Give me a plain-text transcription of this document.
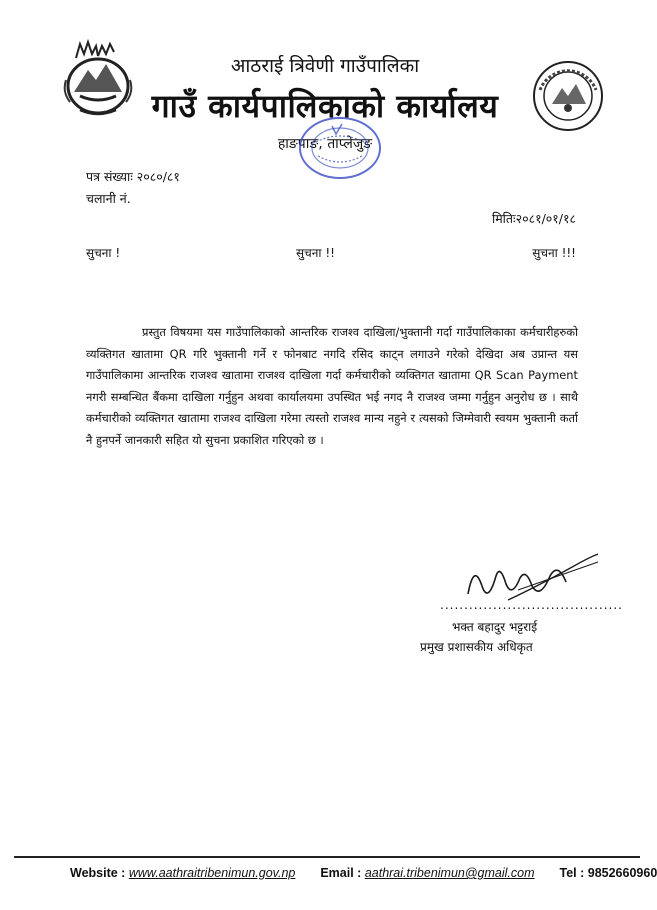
आठराई त्रिवेणी गाउँपालिका
गाउँ कार्यपालिकाको कार्यालय
हाङपाङ, ताप्लेजुङ
पत्र संख्याः २०८०/८१
चलानी नं.
मितिः२०८१/०१/१८
सुचना !	सुचना !!	सुचना !!!

प्रस्तुत विषयमा यस गाउँपालिकाको आन्तरिक राजश्व दाखिला/भुक्तानी गर्दा गाउँपालिकाका कर्मचारीहरुको व्यक्तिगत खातामा QR गरि भुक्तानी गर्ने र फोनबाट नगदि रसिद काट्न लगाउने गरेको देखिदा अब उप्रान्त यस गाउँपालिकामा आन्तरिक राजश्व खातामा राजश्व दाखिला गर्दा कर्मचारीको व्यक्तिगत खातामा QR Scan Payment नगरी सम्बन्धित बैंकमा दाखिला गर्नुहुन अथवा कार्यालयमा उपस्थित भई नगद नै राजश्व जम्मा गर्नुहुन अनुरोध छ । साथै कर्मचारीको व्यक्तिगत खातामा राजश्व दाखिला गरेमा त्यस्तो राजश्व मान्य नहुने र त्यसको जिम्मेवारी स्वयम भुक्तानी कर्ता नै हुनपर्ने जानकारी सहित यो सुचना प्रकाशित गरिएको छ ।

......................................
भक्त बहादुर भट्टराई
प्रमुख प्रशासकीय अधिकृत
Website : www.aathraitribenimun.gov.np Email : aathrai.tribenimun@gmail.com Tel : 9852660960
